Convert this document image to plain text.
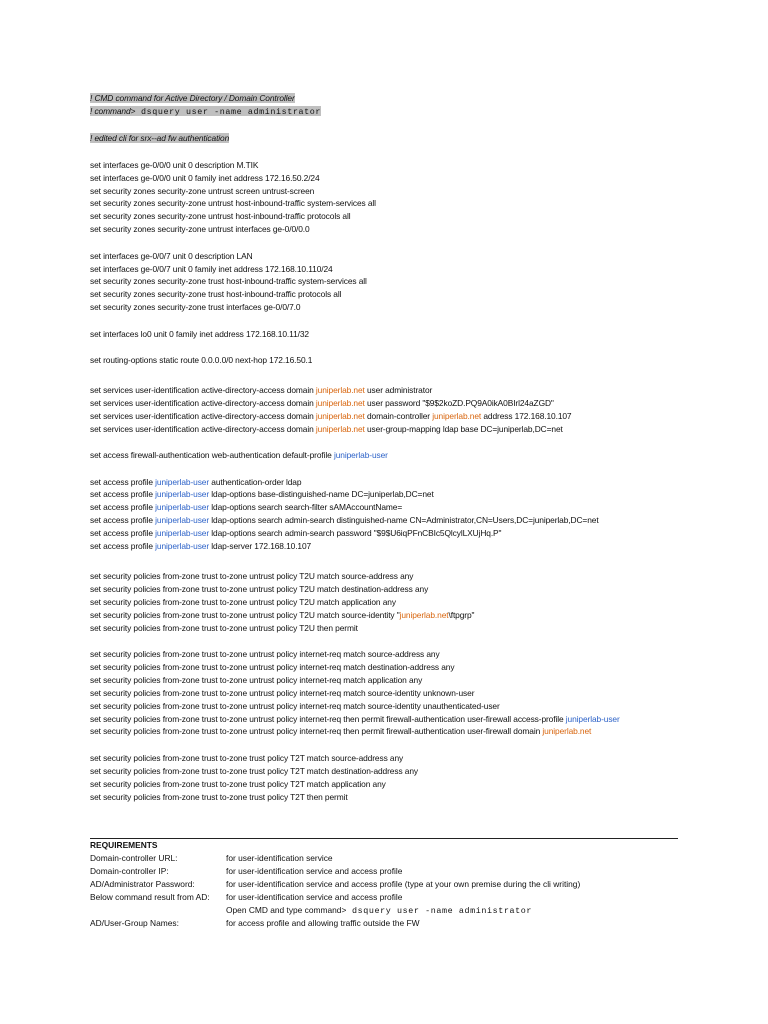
! CMD command for Active Directory / Domain Controller
! command> dsquery user -name administrator
! edited cli for srx--ad fw authentication
set interfaces ge-0/0/0 unit 0 description M.TIK
set interfaces ge-0/0/0 unit 0 family inet address 172.16.50.2/24
set security zones security-zone untrust screen untrust-screen
set security zones security-zone untrust host-inbound-traffic system-services all
set security zones security-zone untrust host-inbound-traffic protocols all
set security zones security-zone untrust interfaces ge-0/0/0.0
set interfaces ge-0/0/7 unit 0 description LAN
set interfaces ge-0/0/7 unit 0 family inet address 172.168.10.110/24
set security zones security-zone trust host-inbound-traffic system-services all
set security zones security-zone trust host-inbound-traffic protocols all
set security zones security-zone trust interfaces ge-0/0/7.0
set interfaces lo0 unit 0 family inet address 172.168.10.11/32
set routing-options static route 0.0.0.0/0 next-hop 172.16.50.1
set services user-identification active-directory-access domain juniperlab.net user administrator
set services user-identification active-directory-access domain juniperlab.net user password "$9$2koZD.PQ9A0ikA0BIrl24aZGD"
set services user-identification active-directory-access domain juniperlab.net domain-controller juniperlab.net address 172.168.10.107
set services user-identification active-directory-access domain juniperlab.net user-group-mapping ldap base DC=juniperlab,DC=net
set access firewall-authentication web-authentication default-profile juniperlab-user
set access profile juniperlab-user authentication-order ldap
set access profile juniperlab-user ldap-options base-distinguished-name DC=juniperlab,DC=net
set access profile juniperlab-user ldap-options search search-filter sAMAccountName=
set access profile juniperlab-user ldap-options search admin-search distinguished-name CN=Administrator,CN=Users,DC=juniperlab,DC=net
set access profile juniperlab-user ldap-options search admin-search password "$9$U6iqPFnCBIc5QlcylLXUjHq.P"
set access profile juniperlab-user ldap-server 172.168.10.107
set security policies from-zone trust to-zone untrust policy T2U match source-address any
set security policies from-zone trust to-zone untrust policy T2U match destination-address any
set security policies from-zone trust to-zone untrust policy T2U match application any
set security policies from-zone trust to-zone untrust policy T2U match source-identity "juniperlab.net\ftpgrp"
set security policies from-zone trust to-zone untrust policy T2U then permit
set security policies from-zone trust to-zone untrust policy internet-req match source-address any
set security policies from-zone trust to-zone untrust policy internet-req match destination-address any
set security policies from-zone trust to-zone untrust policy internet-req match application any
set security policies from-zone trust to-zone untrust policy internet-req match source-identity unknown-user
set security policies from-zone trust to-zone untrust policy internet-req match source-identity unauthenticated-user
set security policies from-zone trust to-zone untrust policy internet-req then permit firewall-authentication user-firewall access-profile juniperlab-user
set security policies from-zone trust to-zone untrust policy internet-req then permit firewall-authentication user-firewall domain juniperlab.net
set security policies from-zone trust to-zone trust policy T2T match source-address any
set security policies from-zone trust to-zone trust policy T2T match destination-address any
set security policies from-zone trust to-zone trust policy T2T match application any
set security policies from-zone trust to-zone trust policy T2T then permit
REQUIREMENTS
Domain-controller URL:	for user-identification service
Domain-controller IP:	for user-identification service and access profile
AD/Administrator Password:	for user-identification service and access profile (type at your own premise during the cli writing)
Below command result from AD:	for user-identification service and access profile
Open CMD and type command> dsquery user -name administrator
AD/User-Group Names:	for access profile and allowing traffic outside the FW
